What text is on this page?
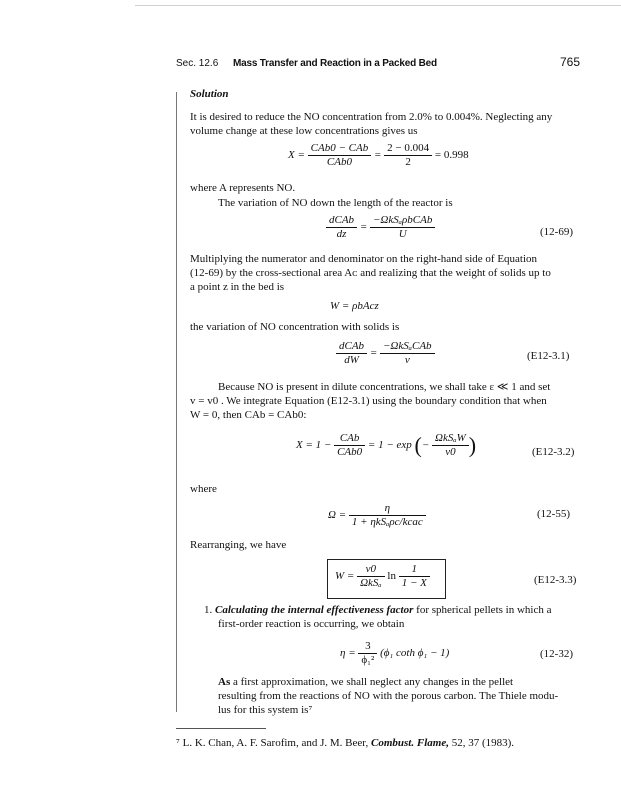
Sec. 12.6 Mass Transfer and Reaction in a Packed Bed	765
Solution
It is desired to reduce the NO concentration from 2.0% to 0.004%. Neglecting any
volume change at these low concentrations gives us
$X = \frac{\text{CAb0 − CAb}}{\text{CAb0}} = \frac{2 - 0.004}{2} = 0.998$
where A represents NO.
The variation of NO down the length of the reactor is
$\frac{\text{dCAb}}{dz} = \frac{\text{−ΩkSₐρbCAb}}{U}$	(12-69)
Multiplying the numerator and denominator on the right-hand side of Equation
(12-69) by the cross-sectional area Aᴄ and realizing that the weight of solids up to
a point z in the bed is
W = ρbAcz
the variation of NO concentration with solids is
$\frac{\text{dCAb}}{dW} = \frac{\text{−ΩkSₐCAb}}{v}$	(E12-3.1)
Because NO is present in dilute concentrations, we shall take ε ≪ 1 and set
v = v0 . We integrate Equation (E12-3.1) using the boundary condition that when
W = 0, then CAb = CAb0:
$X = 1 - \frac{\text{CAb}}{\text{CAb0}} = 1 - \exp$ (− $\frac{\text{ΩkSₐW}}{v0}$ )	(E12-3.2)
where
$\Omega = \frac{\eta}{\text{1 + ηkSₐρc/kcac}}$	(12-55)
Rearranging, we have
$W = \frac{v0}{\text{ΩkSₐ}}$ $\ln \frac{1}{1 - X}$	(E12-3.3)
1. Calculating the internal effectiveness factor for spherical pellets in which a
first-order reaction is occurring, we obtain
$\eta = \frac{3}{\text{ϕ₁²}} (\phi_1$ coth ϕ₁ − 1)	(12-32)
As a first approximation, we shall neglect any changes in the pellet
resulting from the reactions of NO with the porous carbon. The Thiele modu-
lus for this system is⁷
⁷ L. K. Chan, A. F. Sarofim, and J. M. Beer, Combust. Flame, 52, 37 (1983).
